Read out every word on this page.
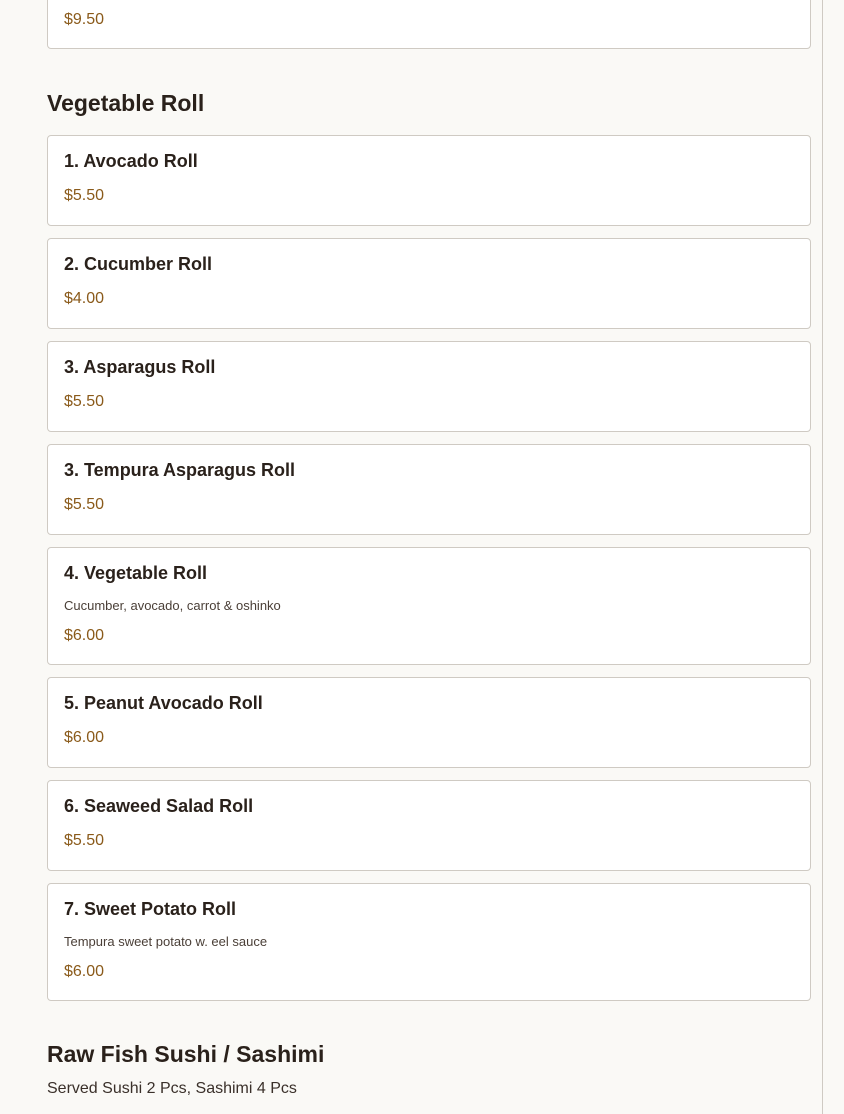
$9.50
Vegetable Roll
1. Avocado Roll
$5.50
2. Cucumber Roll
$4.00
3. Asparagus Roll
$5.50
3. Tempura Asparagus Roll
$5.50
4. Vegetable Roll
Cucumber, avocado, carrot & oshinko
$6.00
5. Peanut Avocado Roll
$6.00
6. Seaweed Salad Roll
$5.50
7. Sweet Potato Roll
Tempura sweet potato w. eel sauce
$6.00
Raw Fish Sushi / Sashimi
Served Sushi 2 Pcs, Sashimi 4 Pcs
